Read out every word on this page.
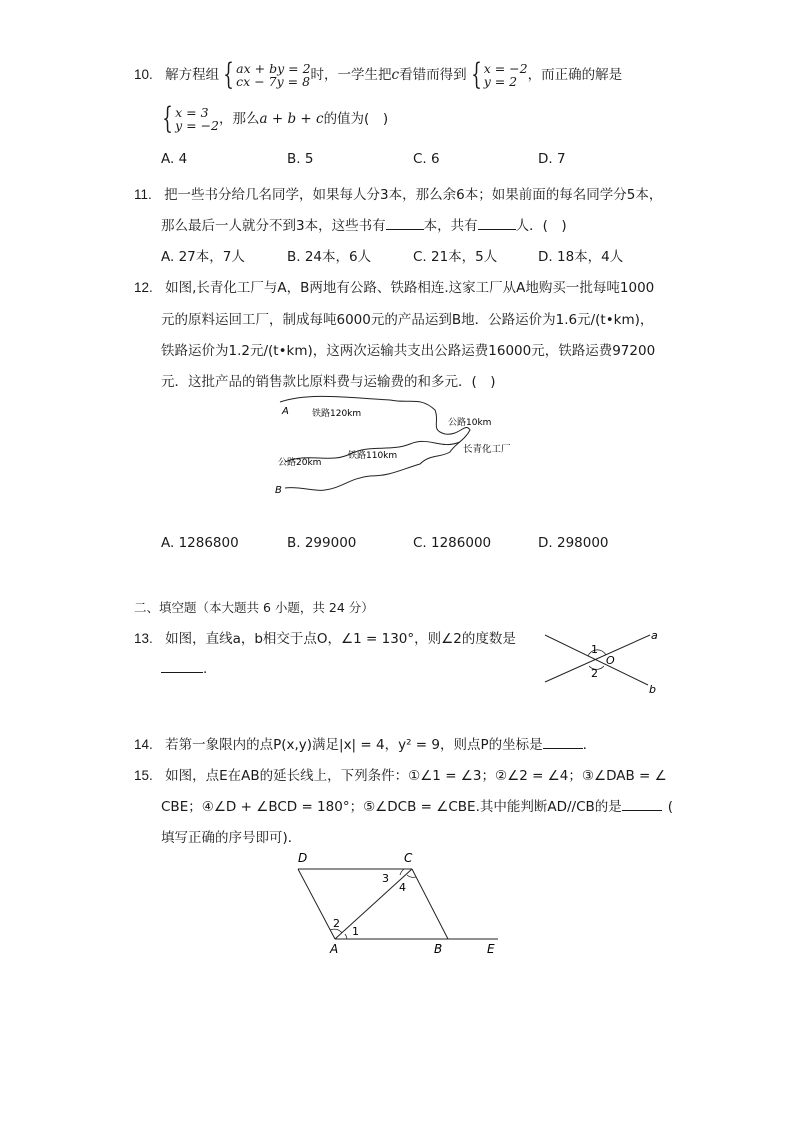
10. 解方程组 { ax + by = 2
cx − 7y = 8时，一学生把c看错而得到 { x = −2
y = 2 ，而正确的解是
{ x = 3
y = −2，那么a + b + c的值为(　)
A. 4	B. 5	C. 6	D. 7
11. 把一些书分给几名同学，如果每人分3本，那么余6本；如果前面的每名同学分5本，
那么最后一人就分不到3本，这些书有	本，共有	人．(　)
A. 27本，7人	B. 24本，6人	C. 21本，5人	D. 18本，4人
12. 如图,长青化工厂与A，B两地有公路、铁路相连.这家工厂从A地购买一批每吨1000
元的原料运回工厂，制成每吨6000元的产品运到B地．公路运价为1.6元/(t•km)，
铁路运价为1.2元/(t•km)，这两次运输共支出公路运费16000元，铁路运费97200
元．这批产品的销售款比原料费与运输费的和多元．(　)
A	铁路120km
公路10km
长青化工厂
公路20km
铁路110km
B
A. 1286800	B. 299000	C. 1286000	D. 298000
二、填空题（本大题共 6 小题，共 24 分）
13. 如图，直线a，b相交于点O，∠1 = 130°，则∠2的度数是
.
1
O
2
a
b
14. 若第一象限内的点P(x,y)满足|x| = 4，y² = 9，则点P的坐标是	.
15. 如图，点E在AB的延长线上，下列条件：①∠1 = ∠3；②∠2 = ∠4；③∠DAB = ∠
CBE；④∠D + ∠BCD = 180°；⑤∠DCB = ∠CBE.其中能判断AD//CB的是	(
填写正确的序号即可)．
D	C
A	B	E
1
2
3
4
